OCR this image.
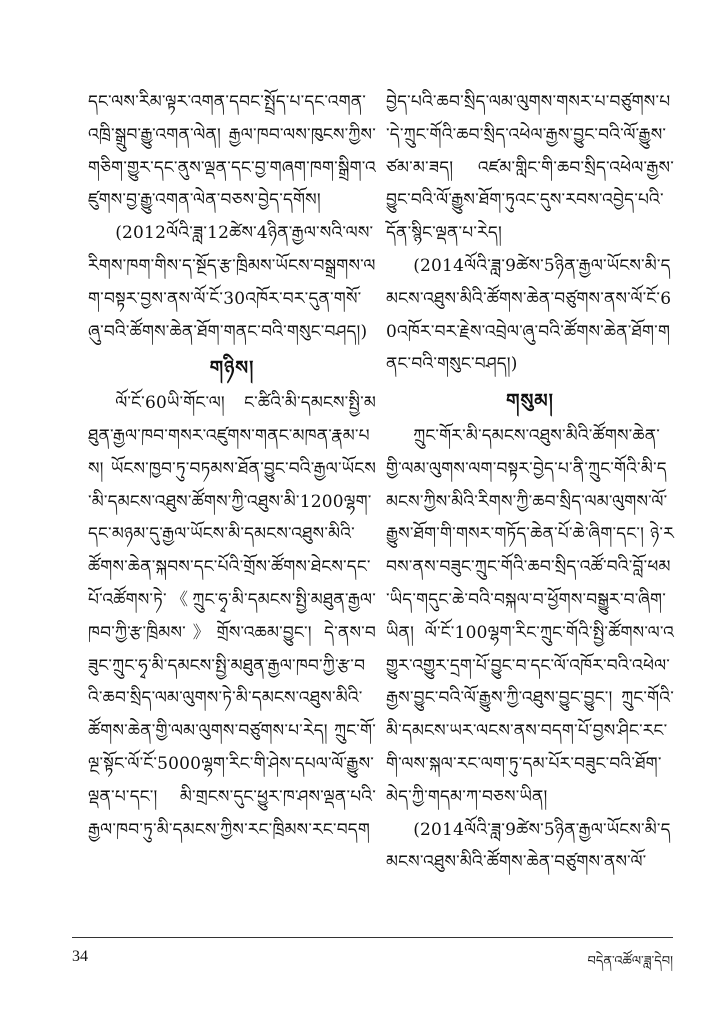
དང་ལས་རིམ་ལྟར་འགན་དབང་སྤྲོད་པ་དང་འགན་འཁྲི་སྒྲུབ་རྒྱུ་འགན་ལེན། རྒྱལ་ཁབ་ལས་ཁུངས་ཀྱིས་གཅིག་གྱུར་དང་ནུས་ལྡན་དང་བྱ་གཞག་ཁག་སྒྲིག་འཛུགས་བྱ་རྒྱུ་འགན་ལེན་བཅས་བྱེད་དགོས།

(2012ལོའི་ཟླ་12ཚེས་4ཉིན་རྒྱལ་སའི་ལས་རིགས་ཁག་གིས་ད་སྔོད་རྩ་ཁྲིམས་ཡོངས་བསྒྲགས་ལག་བསྟར་བྱས་ནས་ལོ་ངོ་30འཁོར་བར་དུན་གསོ་ཞུ་བའི་ཚོགས་ཆེན་ཐོག་གནང་བའི་གསུང་བཤད།)

གཉིས།

ལོ་ངོ་60ཡི་གོང་ལ། ང་ཚིའི་མི་དམངས་སྤྱི་མཐུན་རྒྱལ་ཁབ་གསར་འཛུགས་གནང་མཁན་རྣམ་པས། ཡོངས་ཁྱབ་ཏུ་བཏམས་ཐོན་བྱུང་བའི་རྒྱལ་ཡོངས་མི་དམངས་འཐུས་ཚོགས་ཀྱི་འཐུས་མི་1200ལྷག་དང་མཉམ་དུ་རྒྱལ་ཡོངས་མི་དམངས་འཐུས་མིའི་ཚོགས་ཆེན་སྐབས་དང་པོའི་གྲོས་ཚོགས་ཐེངས་དང་པོ་འཚོགས་ཏེ་《ཀྲུང་ཧྭ་མི་དམངས་སྤྱི་མཐུན་རྒྱལ་ཁབ་ཀྱི་རྩ་ཁྲིམས་》གྲོས་འཆམ་བྱུང་། དེ་ནས་བཟུང་ཀྲུང་ཧྭ་མི་དམངས་སྤྱི་མཐུན་རྒྱལ་ཁབ་ཀྱི་རྩ་བའི་ཆབ་སྲིད་ལམ་ལུགས་ཏེ་མི་དམངས་འཐུས་མིའི་ཚོགས་ཆེན་གྱི་ལམ་ལུགས་བཙུགས་པ་རེད། ཀྲུང་གོ་ལྔ་སྟོང་ལོ་ངོ་5000ལྷག་རིང་གི་ཤེས་དཔལ་ལོ་རྒྱུས་ལྡན་པ་དང་། མི་གྲངས་དུང་ཕྱུར་ཁ་ཤས་ལྡན་པའི་རྒྱལ་ཁབ་ཏུ་མི་དམངས་ཀྱིས་རང་ཁྲིམས་རང་བདག

བྱེད་པའི་ཆབ་སྲིད་ལམ་ལུགས་གསར་པ་བཙུགས་པ་དེ་ཀྲུང་གོའི་ཆབ་སྲིད་འཕེལ་རྒྱས་བྱུང་བའི་ལོ་རྒྱུས་ཙམ་མ་ཟད། འཛམ་གླིང་གི་ཆབ་སྲིད་འཕེལ་རྒྱས་བྱུང་བའི་ལོ་རྒྱུས་ཐོག་ཏུའང་དུས་རབས་འབྱེད་པའི་དོན་སྙིང་ལྡན་པ་རེད།

(2014ལོའི་ཟླ་9ཚེས་5ཉིན་རྒྱལ་ཡོངས་མི་དམངས་འཐུས་མིའི་ཚོགས་ཆེན་བཙུགས་ནས་ལོ་ངོ་60འཁོར་བར་རྗེས་འབྲེལ་ཞུ་བའི་ཚོགས་ཆེན་ཐོག་གནང་བའི་གསུང་བཤད།)

གསུམ།

ཀྲུང་གོར་མི་དམངས་འཐུས་མིའི་ཚོགས་ཆེན་གྱི་ལམ་ལུགས་ལག་བསྟར་བྱེད་པ་ནི་ཀྲུང་གོའི་མི་དམངས་ཀྱིས་མིའི་རིགས་ཀྱི་ཆབ་སྲིད་ལམ་ལུགས་ལོ་རྒྱུས་ཐོག་གི་གསར་གཏོད་ཆེན་པོ་ཆེ་ཞིག་དང་། ཉེ་རབས་ནས་བཟུང་ཀྲུང་གོའི་ཆབ་སྲིད་འཚོ་བའི་བློ་ཕམ་ཡིད་གདུང་ཆེ་བའི་བསྐལ་བ་ཕྱོགས་བསྒྱུར་བ་ཞིག་ཡིན། ལོ་ངོ་100ལྷག་རིང་ཀྲུང་གོའི་སྤྱི་ཚོགས་ལ་འགྱུར་འགྱུར་དྲག་པོ་བྱུང་བ་དང་ལོ་འཁོར་བའི་འཕེལ་རྒྱས་བྱུང་བའི་ལོ་རྒྱུས་ཀྱི་འཐུས་བྱུང་བྱུང་། ཀྲུང་གོའི་མི་དམངས་ཡར་ལངས་ནས་བདག་པོ་བྱས་ཤིང་རང་གི་ལས་སྐལ་རང་ལག་ཏུ་དམ་པོར་བཟུང་བའི་ཐོག་མེད་ཀྱི་གདམ་ཀ་བཅས་ཡིན།

(2014ལོའི་ཟླ་9ཚེས་5ཉིན་རྒྱལ་ཡོངས་མི་དམངས་འཐུས་མིའི་ཚོགས་ཆེན་བཙུགས་ནས་ལོ་

34	བདེན་འཚོལ་ཟླ་དེབ།
